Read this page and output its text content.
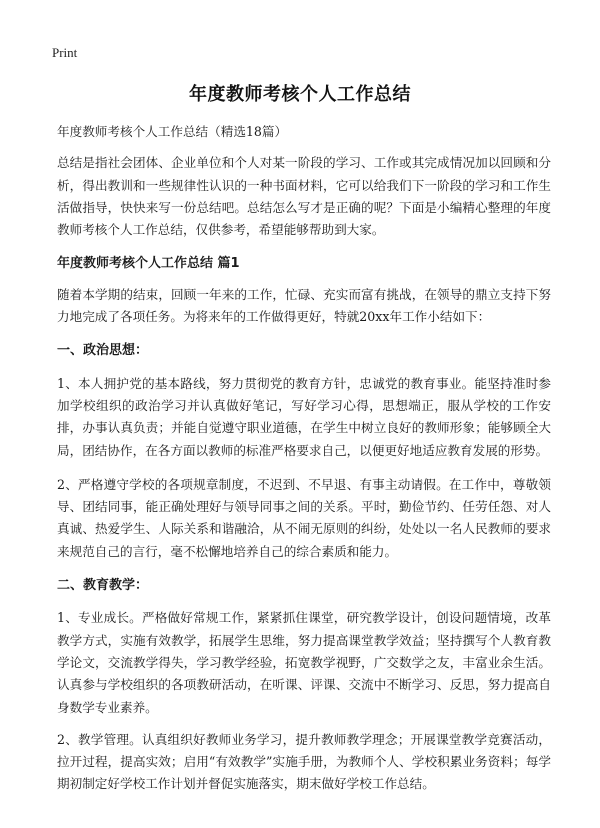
Print
年度教师考核个人工作总结

年度教师考核个人工作总结（精选18篇）

总结是指社会团体、企业单位和个人对某一阶段的学习、工作或其完成情况加以回顾和分析，得出教训和一些规律性认识的一种书面材料，它可以给我们下一阶段的学习和工作生活做指导，快快来写一份总结吧。总结怎么写才是正确的呢？下面是小编精心整理的年度教师考核个人工作总结，仅供参考，希望能够帮助到大家。

年度教师考核个人工作总结 篇1

随着本学期的结束，回顾一年来的工作，忙碌、充实而富有挑战，在领导的鼎立支持下努力地完成了各项任务。为将来年的工作做得更好，特就20xx年工作小结如下：

一、政治思想：

1、本人拥护党的基本路线，努力贯彻党的教育方针，忠诚党的教育事业。能坚持准时参加学校组织的政治学习并认真做好笔记，写好学习心得，思想端正，服从学校的工作安排，办事认真负责；并能自觉遵守职业道德，在学生中树立良好的教师形象；能够顾全大局，团结协作，在各方面以教师的标准严格要求自己，以便更好地适应教育发展的形势。

2、严格遵守学校的各项规章制度，不迟到、不早退、有事主动请假。在工作中，尊敬领导、团结同事，能正确处理好与领导同事之间的关系。平时，勤俭节约、任劳任怨、对人真诚、热爱学生、人际关系和谐融洽，从不闹无原则的纠纷，处处以一名人民教师的要求来规范自己的言行，毫不松懈地培养自己的综合素质和能力。

二、教育教学：

1、专业成长。严格做好常规工作，紧紧抓住课堂，研究教学设计，创设问题情境，改革教学方式，实施有效教学，拓展学生思维，努力提高课堂教学效益；坚持撰写个人教育教学论文，交流教学得失，学习教学经验，拓宽教学视野，广交数学之友，丰富业余生活。认真参与学校组织的各项教研活动，在听课、评课、交流中不断学习、反思，努力提高自身数学专业素养。

2、教学管理。认真组织好教师业务学习，提升教师教学理念；开展课堂教学竞赛活动，拉开过程，提高实效；启用“有效教学”实施手册，为教师个人、学校积累业务资料；每学期初制定好学校工作计划并督促实施落实，期末做好学校工作总结。
